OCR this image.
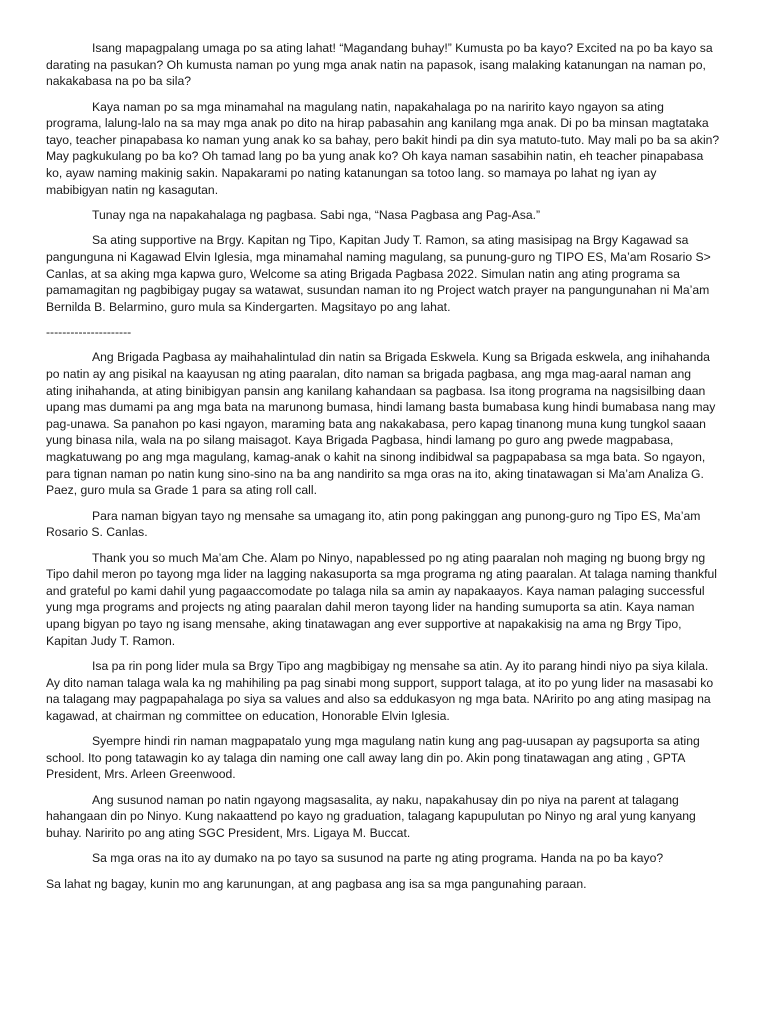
Isang mapagpalang umaga po sa ating lahat! “Magandang buhay!” Kumusta po ba kayo? Excited na po ba kayo sa darating na pasukan? Oh kumusta naman po yung mga anak natin na papasok, isang malaking katanungan na naman po, nakakabasa na po ba sila?

Kaya naman po sa mga minamahal na magulang natin, napakahalaga po na naririto kayo ngayon sa ating programa, lalung-lalo na sa may mga anak po dito na hirap pabasahin ang kanilang mga anak. Di po ba minsan magtataka tayo, teacher pinapabasa ko naman yung anak ko sa bahay, pero bakit hindi pa din sya matuto-tuto. May mali po ba sa akin? May pagkukulang po ba ko? Oh tamad lang po ba yung anak ko? Oh kaya naman sasabihin natin, eh teacher pinapabasa ko, ayaw naming makinig sakin. Napakarami po nating katanungan sa totoo lang. so mamaya po lahat ng iyan ay mabibigyan natin ng kasagutan.

Tunay nga na napakahalaga ng pagbasa. Sabi nga, “Nasa Pagbasa ang Pag-Asa.”

Sa ating supportive na Brgy. Kapitan ng Tipo, Kapitan Judy T. Ramon, sa ating masisipag na Brgy Kagawad sa pangunguna ni Kagawad Elvin Iglesia, mga minamahal naming magulang, sa punung-guro ng TIPO ES, Ma’am Rosario S> Canlas, at sa aking mga kapwa guro, Welcome sa ating Brigada Pagbasa 2022. Simulan natin ang ating programa sa pamamagitan ng pagbibigay pugay sa watawat, susundan naman ito ng Project watch prayer na pangungunahan ni Ma’am Bernilda B. Belarmino, guro mula sa Kindergarten. Magsitayo po ang lahat.

---------------------

Ang Brigada Pagbasa ay maihahalintulad din natin sa Brigada Eskwela. Kung sa Brigada eskwela, ang inihahanda po natin ay ang pisikal na kaayusan ng ating paaralan, dito naman sa brigada pagbasa, ang mga mag-aaral naman ang ating inihahanda, at ating binibigyan pansin ang kanilang kahandaan sa pagbasa. Isa itong programa na nagsisilbing daan upang mas dumami pa ang mga bata na marunong bumasa, hindi lamang basta bumabasa kung hindi bumabasa nang may pag-unawa. Sa panahon po kasi ngayon, maraming bata ang nakakabasa, pero kapag tinanong muna kung tungkol saaan yung binasa nila, wala na po silang maisagot. Kaya Brigada Pagbasa, hindi lamang po guro ang pwede magpabasa, magkatuwang po ang mga magulang, kamag-anak o kahit na sinong indibidwal sa pagpapabasa sa mga bata. So ngayon, para tignan naman po natin kung sino-sino na ba ang nandirito sa mga oras na ito, aking tinatawagan si Ma’am Analiza G. Paez, guro mula sa Grade 1 para sa ating roll call.

Para naman bigyan tayo ng mensahe sa umagang ito, atin pong pakinggan ang punong-guro ng Tipo ES, Ma’am Rosario S. Canlas.

Thank you so much Ma’am Che. Alam po Ninyo, napablessed po ng ating paaralan noh maging ng buong brgy ng Tipo dahil meron po tayong mga lider na lagging nakasuporta sa mga programa ng ating paaralan. At talaga naming thankful and grateful po kami dahil yung pagaaccomodate po talaga nila sa amin ay napakaayos. Kaya naman palaging successful yung mga programs and projects ng ating paaralan dahil meron tayong lider na handing sumuporta sa atin. Kaya naman upang bigyan po tayo ng isang mensahe, aking tinatawagan ang ever supportive at napakakisig na ama ng Brgy Tipo, Kapitan Judy T. Ramon.

Isa pa rin pong lider mula sa Brgy Tipo ang magbibigay ng mensahe sa atin. Ay ito parang hindi niyo pa siya kilala. Ay dito naman talaga wala ka ng mahihiling pa pag sinabi mong support, support talaga, at ito po yung lider na masasabi ko na talagang may pagpapahalaga po siya sa values and also sa eddukasyon ng mga bata. NAririto po ang ating masipag na kagawad, at chairman ng committee on education, Honorable Elvin Iglesia.

Syempre hindi rin naman magpapatalo yung mga magulang natin kung ang pag-uusapan ay pagsuporta sa ating school. Ito pong tatawagin ko ay talaga din naming one call away lang din po. Akin pong tinatawagan ang ating , GPTA President, Mrs. Arleen Greenwood.

Ang susunod naman po natin ngayong magsasalita, ay naku, napakahusay din po niya na parent at talagang hahangaan din po Ninyo. Kung nakaattend po kayo ng graduation, talagang kapupulutan po Ninyo ng aral yung kanyang buhay. Naririto po ang ating SGC President, Mrs. Ligaya M. Buccat.

Sa mga oras na ito ay dumako na po tayo sa susunod na parte ng ating programa. Handa na po ba kayo?

Sa lahat ng bagay, kunin mo ang karunungan, at ang pagbasa ang isa sa mga pangunahing paraan.
